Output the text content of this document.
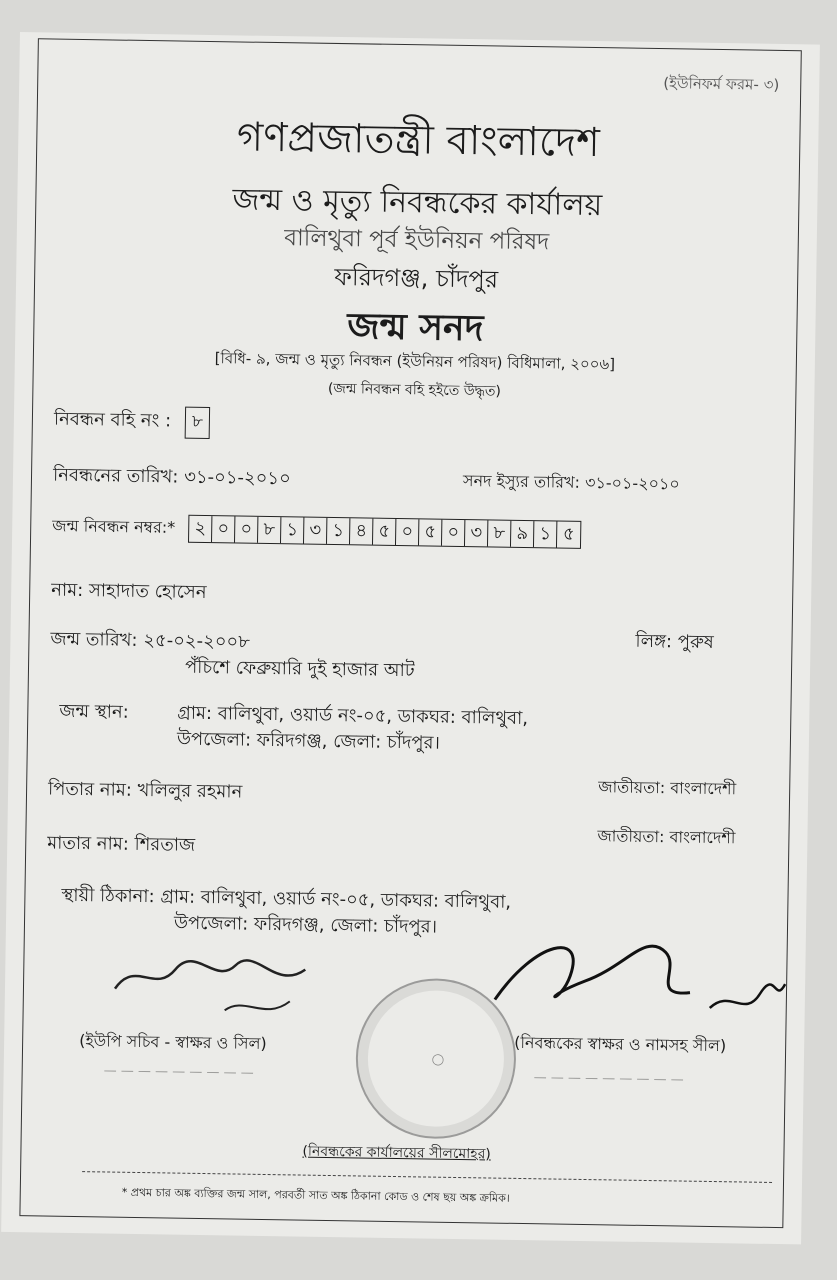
(ইউনিফর্ম ফরম- ৩)
গণপ্রজাতন্ত্রী বাংলাদেশ
জন্ম ও মৃত্যু নিবন্ধকের কার্যালয়
বালিথুবা পূর্ব ইউনিয়ন পরিষদ
ফরিদগঞ্জ, চাঁদপুর
জন্ম সনদ
[বিধি- ৯, জন্ম ও মৃত্যু নিবন্ধন (ইউনিয়ন পরিষদ) বিধিমালা, ২০০৬]
(জন্ম নিবন্ধন বহি হইতে উদ্ধৃত)
নিবন্ধন বহি নং : ৮
নিবন্ধনের তারিখ: ৩১-০১-২০১০	সনদ ইস্যুর তারিখ: ৩১-০১-২০১০
জন্ম নিবন্ধন নম্বর:* ২ ০ ০ ৮ ১ ৩ ১ ৪ ৫ ০ ৫ ০ ৩ ৮ ৯ ১ ৫
নাম: সাহাদাত হোসেন
জন্ম তারিখ: ২৫-০২-২০০৮	লিঙ্গ: পুরুষ
পঁচিশে ফেব্রুয়ারি দুই হাজার আট
জন্ম স্থান:	গ্রাম: বালিথুবা, ওয়ার্ড নং-০৫, ডাকঘর: বালিথুবা,
উপজেলা: ফরিদগঞ্জ, জেলা: চাঁদপুর।
পিতার নাম: খলিলুর রহমান	জাতীয়তা: বাংলাদেশী
মাতার নাম: শিরতাজ	জাতীয়তা: বাংলাদেশী
স্থায়ী ঠিকানা: গ্রাম: বালিথুবা, ওয়ার্ড নং-০৫, ডাকঘর: বালিথুবা,
উপজেলা: ফরিদগঞ্জ, জেলা: চাঁদপুর।
(ইউপি সচিব - স্বাক্ষর ও সিল)
— — — — — — — — —
◯
(নিবন্ধকের স্বাক্ষর ও নামসহ সীল)
— — — — — — — — —
(নিবন্ধকের কার্যালয়ের সীলমোহর)
* প্রথম চার অঙ্ক ব্যক্তির জন্ম সাল, পরবর্তী সাত অঙ্ক ঠিকানা কোড ও শেষ ছয় অঙ্ক ক্রমিক।
